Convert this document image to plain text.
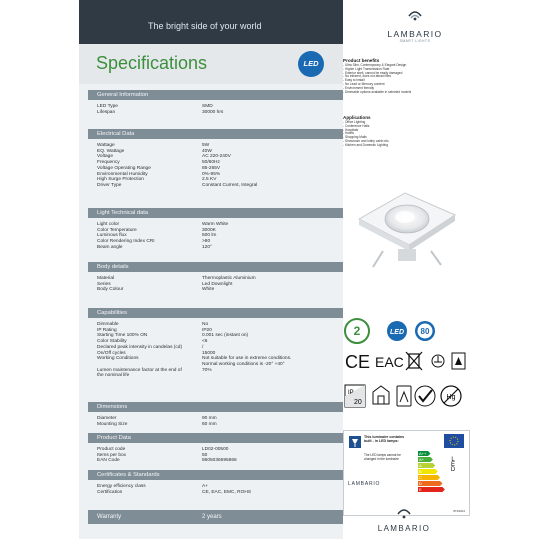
The bright side of your world
LAMBARIO
SMART LIGHTS
Specifications	LED
General Information
LED Type	SMD
Lifespan	30000 hrs
Electrical Data
Wattage	5W
EQ. Wattage	40W
Voltage	AC 220-240V
Frequency	50/60Hz
Voltage Operating Range	85-265V
Environmental Humidity	0%-95%
High Surge Protection	2.5 KV
Driver Type	Constant Current, Integral
Light Technical data
Light color	Warm White
Color Temperature	3000K
Luminous flux	500 lm
Color Rendering Index CRI	>80
Beam angle	120°
Body details
Material	Thermoplastic Aluminium
Series	Led Downlight
Body Colour	White
Capabilities
Dimmable	No
IP Rating	IP20
Starting Time 100% ON	0.001 sec (instant on)
Color Stability	<6
Declared peak intensity in candelas (cd)	/
On/Off cycles	15000
Working Conditions	Not suitable for use in extreme conditions.
Normal working conditions is -20° +40°
Lumen maintenance factor at the end of	70%
the nominal life
Dimensions
Diameter	90 mm
Mounting Size	60 mm
Product Data
Product code	LD02-00500
Items per box	50
EAN Code	8605036695866
Certificates & Standards
Energy efficiency class	A+
Certification	CE, EAC, EMC, ROHS
Warranty	2 years
Product benefits
- Ultra Slim, Contemporary & Elegant Design
- Higher Light Transmission Rate
- Exterior shell, cannot be easily damaged
- No infrared, does not attract flies
- Easy to install
- No Lead or Mercury content
- Environment friendly
- Dimmable options available in selected models
Applications
- Office Lighting
- Conference Halls
- Hospitals
- Hotels
- Shopping Malls
- Showroom and lobby cabin etc.
- Kitchen and Domestic Lighting
2	LED 80
CE EAC
IP
20
Hg
This luminaire contains built - in LED lamps:
The LED lamps cannot be changed in the luminaire
A++
A+
A
B
C
D
E
LED
LAMBARIO
874/2012
LAMBARIO
